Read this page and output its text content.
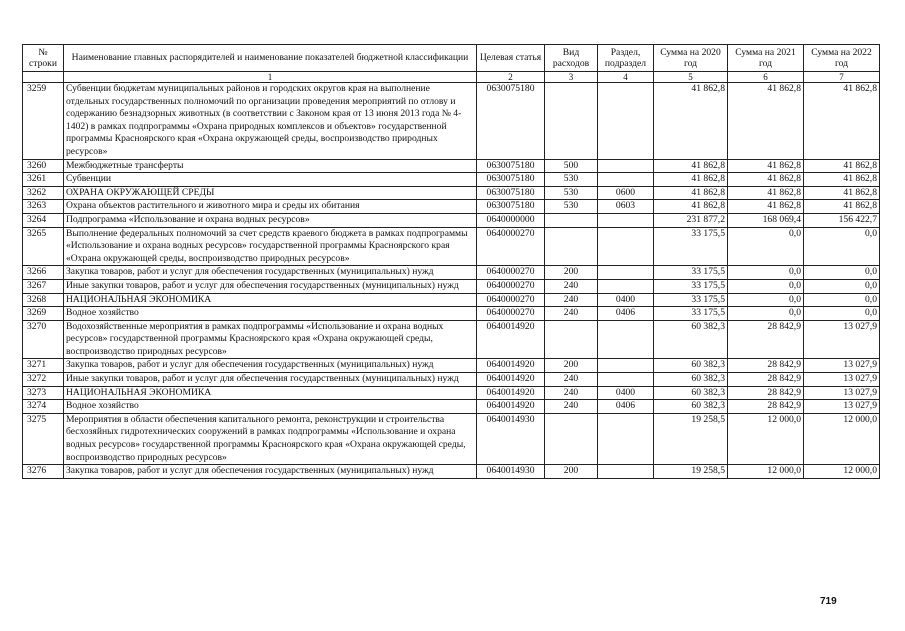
№ строки	Наименование главных распорядителей и наименование показателей бюджетной классификации	Целевая статья	Вид расходов	Раздел, подраздел	Сумма на 2020 год	Сумма на 2021 год	Сумма на 2022 год
	1	2	3	4	5	6	7
3259	Субвенции бюджетам муниципальных районов и городских округов края на выполнение отдельных государственных полномочий по организации проведения мероприятий по отлову и содержанию безнадзорных животных (в соответствии с Законом края от 13 июня 2013 года № 4-1402) в рамках подпрограммы «Охрана природных комплексов и объектов» государственной программы Красноярского края «Охрана окружающей среды, воспроизводство природных ресурсов»	0630075180			41 862,8	41 862,8	41 862,8
3260	Межбюджетные трансферты	0630075180	500		41 862,8	41 862,8	41 862,8
3261	Субвенции	0630075180	530		41 862,8	41 862,8	41 862,8
3262	ОХРАНА ОКРУЖАЮЩЕЙ СРЕДЫ	0630075180	530	0600	41 862,8	41 862,8	41 862,8
3263	Охрана объектов растительного и животного мира и среды их обитания	0630075180	530	0603	41 862,8	41 862,8	41 862,8
3264	Подпрограмма «Использование и охрана водных ресурсов»	0640000000			231 877,2	168 069,4	156 422,7
3265	Выполнение федеральных полномочий за счет средств краевого бюджета в рамках подпрограммы «Использование и охрана водных ресурсов» государственной программы Красноярского края «Охрана окружающей среды, воспроизводство природных ресурсов»	0640000270			33 175,5	0,0	0,0
3266	Закупка товаров, работ и услуг для обеспечения государственных (муниципальных) нужд	0640000270	200		33 175,5	0,0	0,0
3267	Иные закупки товаров, работ и услуг для обеспечения государственных (муниципальных) нужд	0640000270	240		33 175,5	0,0	0,0
3268	НАЦИОНАЛЬНАЯ ЭКОНОМИКА	0640000270	240	0400	33 175,5	0,0	0,0
3269	Водное хозяйство	0640000270	240	0406	33 175,5	0,0	0,0
3270	Водохозяйственные мероприятия в рамках подпрограммы «Использование и охрана водных ресурсов» государственной программы Красноярского края «Охрана окружающей среды, воспроизводство природных ресурсов»	0640014920			60 382,3	28 842,9	13 027,9
3271	Закупка товаров, работ и услуг для обеспечения государственных (муниципальных) нужд	0640014920	200		60 382,3	28 842,9	13 027,9
3272	Иные закупки товаров, работ и услуг для обеспечения государственных (муниципальных) нужд	0640014920	240		60 382,3	28 842,9	13 027,9
3273	НАЦИОНАЛЬНАЯ ЭКОНОМИКА	0640014920	240	0400	60 382,3	28 842,9	13 027,9
3274	Водное хозяйство	0640014920	240	0406	60 382,3	28 842,9	13 027,9
3275	Мероприятия в области обеспечения капитального ремонта, реконструкции и строительства бесхозяйных гидротехнических сооружений в рамках подпрограммы «Использование и охрана водных ресурсов» государственной программы Красноярского края «Охрана окружающей среды, воспроизводство природных ресурсов»	0640014930			19 258,5	12 000,0	12 000,0
3276	Закупка товаров, работ и услуг для обеспечения государственных (муниципальных) нужд	0640014930	200		19 258,5	12 000,0	12 000,0
719
